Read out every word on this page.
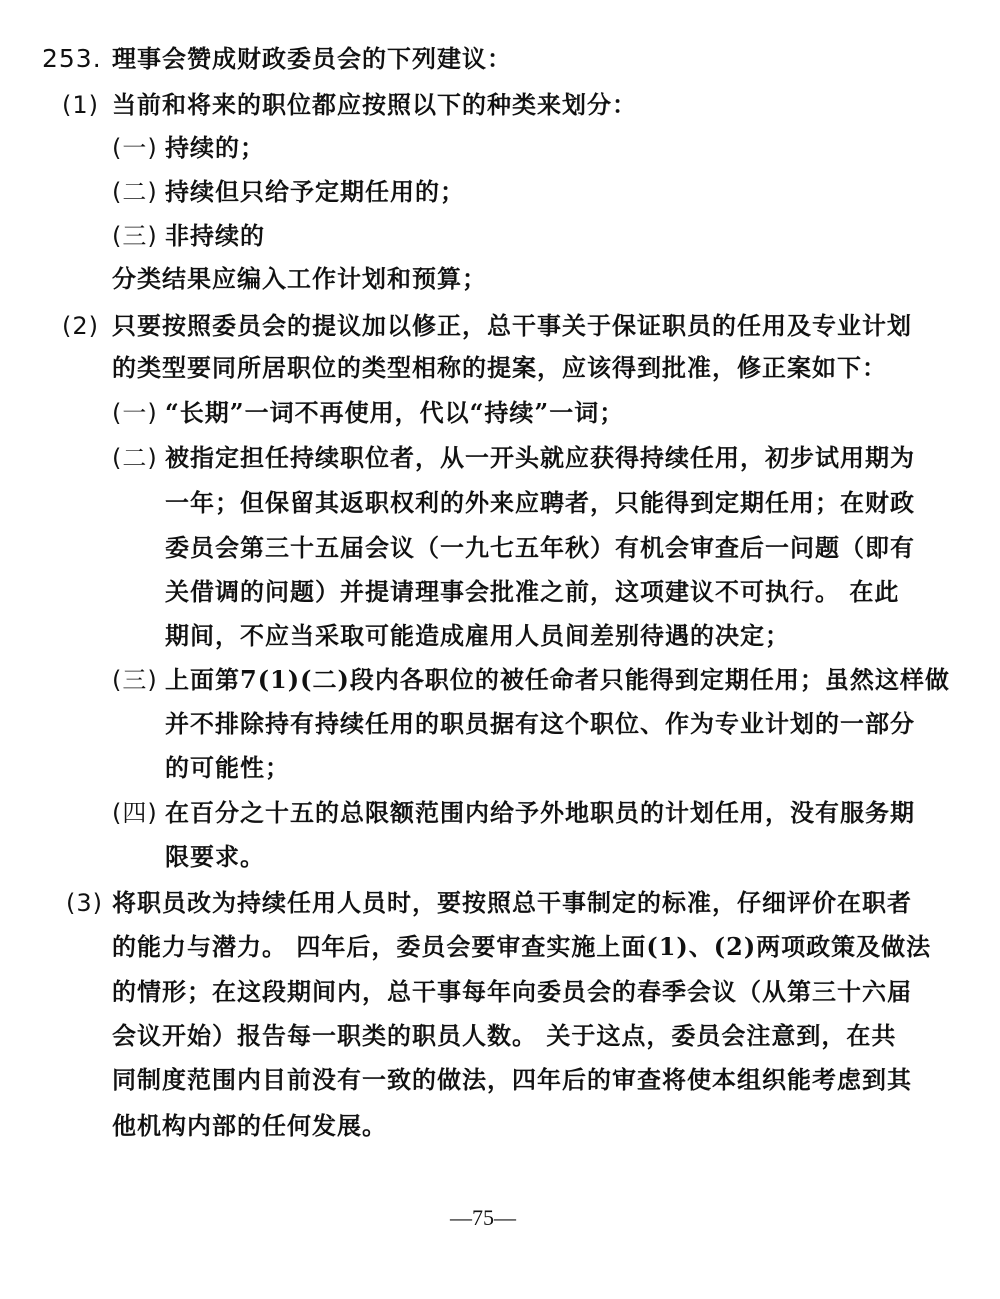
253. 理事会赞成财政委员会的下列建议：
(1) 当前和将来的职位都应按照以下的种类来划分：
(一) 持续的；
(二) 持续但只给予定期任用的；
(三) 非持续的
分类结果应编入工作计划和预算；
(2) 只要按照委员会的提议加以修正，总干事关于保证职员的任用及专业计划
的类型要同所居职位的类型相称的提案，应该得到批准，修正案如下：
(一) “长期”一词不再使用，代以“持续”一词；
(二) 被指定担任持续职位者，从一开头就应获得持续任用，初步试用期为
一年；但保留其返职权利的外来应聘者，只能得到定期任用；在财政
委员会第三十五届会议（一九七五年秋）有机会审查后一问题（即有
关借调的问题）并提请理事会批准之前，这项建议不可执行。 在此
期间，不应当采取可能造成雇用人员间差别待遇的决定；
(三) 上面第7(1)(二)段内各职位的被任命者只能得到定期任用；虽然这样做
并不排除持有持续任用的职员据有这个职位、作为专业计划的一部分
的可能性；
(四) 在百分之十五的总限额范围内给予外地职员的计划任用，没有服务期
限要求。
(3) 将职员改为持续任用人员时，要按照总干事制定的标准，仔细评价在职者
的能力与潜力。 四年后，委员会要审查实施上面(1)、(2)两项政策及做法
的情形；在这段期间内，总干事每年向委员会的春季会议（从第三十六届
会议开始）报告每一职类的职员人数。 关于这点，委员会注意到，在共
同制度范围内目前没有一致的做法，四年后的审查将使本组织能考虑到其
他机构内部的任何发展。
—75—
